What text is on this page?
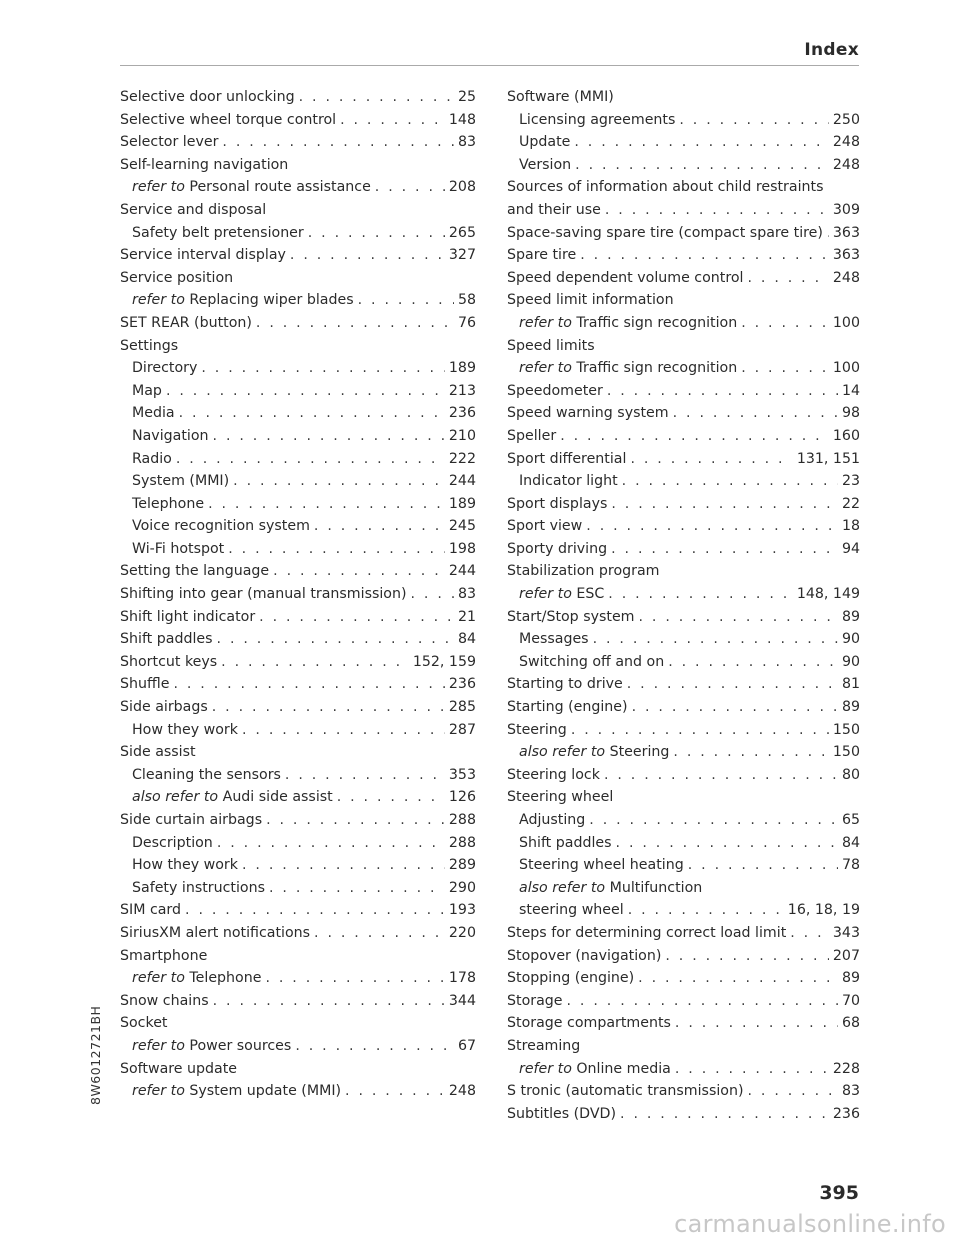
Index
Selective door unlocking . . .	25
Selective wheel torque control . . .	148
Selector lever . . .	83
Self-learning navigation
refer to Personal route assistance . . .	208
Service and disposal
Safety belt pretensioner . . .	265
Service interval display . . .	327
Service position
refer to Replacing wiper blades . . .	58
SET REAR (button) . . .	76
Settings
Directory . . .	189
Map . . .	213
Media . . .	236
Navigation . . .	210
Radio . . .	222
System (MMI) . . .	244
Telephone . . .	189
Voice recognition system . . .	245
Wi-Fi hotspot . . .	198
Setting the language . . .	244
Shifting into gear (manual transmission) . . .	83
Shift light indicator . . .	21
Shift paddles . . .	84
Shortcut keys . . .	152, 159
Shuffle . . .	236
Side airbags . . .	285
How they work . . .	287
Side assist
Cleaning the sensors . . .	353
also refer to Audi side assist . . .	126
Side curtain airbags . . .	288
Description . . .	288
How they work . . .	289
Safety instructions . . .	290
SIM card . . .	193
SiriusXM alert notifications . . .	220
Smartphone
refer to Telephone . . .	178
Snow chains . . .	344
Socket
refer to Power sources . . .	67
Software update
refer to System update (MMI) . . .	248
Software (MMI)
Licensing agreements . . .	250
Update . . .	248
Version . . .	248
Sources of information about child restraints
and their use . . .	309
Space-saving spare tire (compact spare tire) . . . 363
Spare tire . . .	363
Speed dependent volume control . . .	248
Speed limit information
refer to Traffic sign recognition . . .	100
Speed limits
refer to Traffic sign recognition . . .	100
Speedometer . . .	14
Speed warning system . . .	98
Speller . . .	160
Sport differential . . .	131, 151
Indicator light . . .	23
Sport displays . . .	22
Sport view . . .	18
Sporty driving . . .	94
Stabilization program
refer to ESC . . .	148, 149
Start/Stop system . . .	89
Messages . . .	90
Switching off and on . . .	90
Starting to drive . . .	81
Starting (engine) . . .	89
Steering . . .	150
also refer to Steering . . .	150
Steering lock . . .	80
Steering wheel
Adjusting . . .	65
Shift paddles . . .	84
Steering wheel heating . . .	78
also refer to Multifunction
steering wheel . . .	16, 18, 19
Steps for determining correct load limit . . .	343
Stopover (navigation) . . .	207
Stopping (engine) . . .	89
Storage . . .	70
Storage compartments . . .	68
Streaming
refer to Online media . . .	228
S tronic (automatic transmission) . . .	83
Subtitles (DVD) . . .	236
8W6012721BH
395
carmanualsonline.info
